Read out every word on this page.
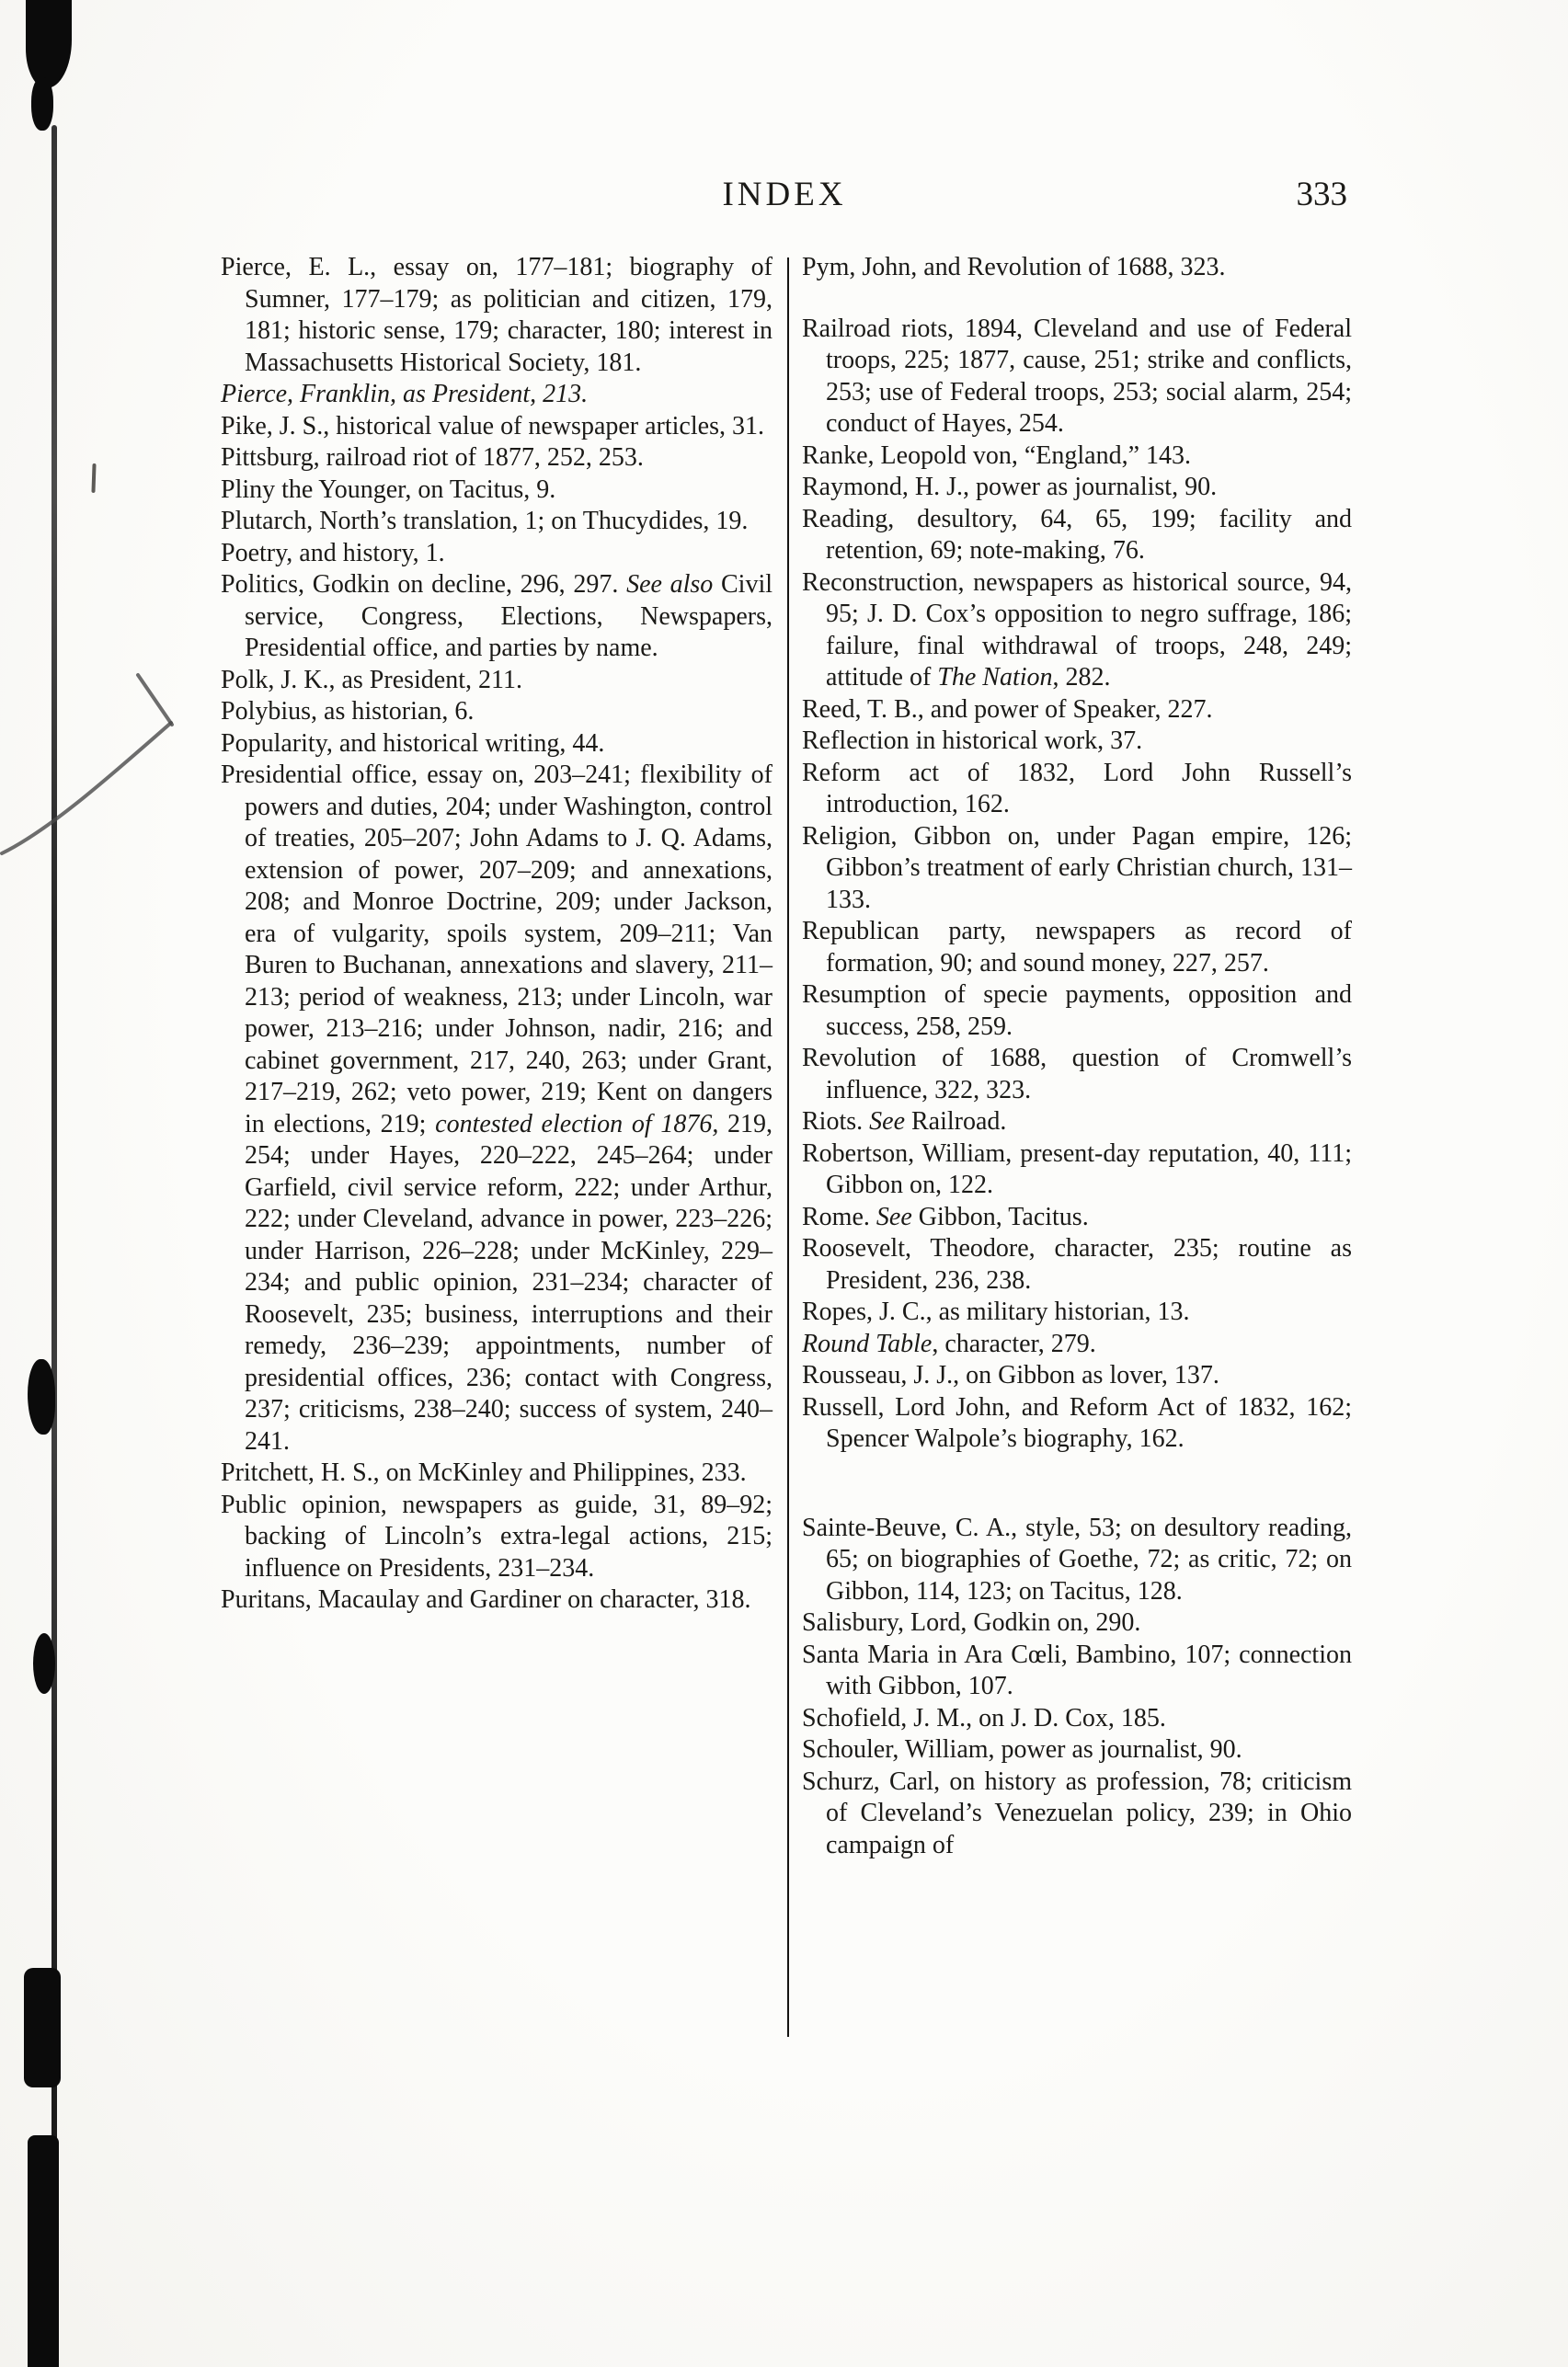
INDEX	333

Pierce, E. L., essay on, 177–181; biography of Sumner, 177–179; as politician and citizen, 179, 181; historic sense, 179; character, 180; interest in Massachusetts Historical Society, 181.

Pierce, Franklin, as President, 213.

Pike, J. S., historical value of newspaper articles, 31.

Pittsburg, railroad riot of 1877, 252, 253.

Pliny the Younger, on Tacitus, 9.

Plutarch, North’s translation, 1; on Thucydides, 19.

Poetry, and history, 1.

Politics, Godkin on decline, 296, 297. See also Civil service, Congress, Elections, Newspapers, Presidential office, and parties by name.

Polk, J. K., as President, 211.

Polybius, as historian, 6.

Popularity, and historical writing, 44.

Presidential office, essay on, 203–241; flexibility of powers and duties, 204; under Washington, control of treaties, 205–207; John Adams to J. Q. Adams, extension of power, 207–209; and annexations, 208; and Monroe Doctrine, 209; under Jackson, era of vulgarity, spoils system, 209–211; Van Buren to Buchanan, annexations and slavery, 211–213; period of weakness, 213; under Lincoln, war power, 213–216; under Johnson, nadir, 216; and cabinet government, 217, 240, 263; under Grant, 217–219, 262; veto power, 219; Kent on dangers in elections, 219; contested election of 1876, 219, 254; under Hayes, 220–222, 245–264; under Garfield, civil service reform, 222; under Arthur, 222; under Cleveland, advance in power, 223–226; under Harrison, 226–228; under McKinley, 229–234; and public opinion, 231–234; character of Roosevelt, 235; business, interruptions and their remedy, 236–239; appointments, number of presidential offices, 236; contact with Congress, 237; criticisms, 238–240; success of system, 240–241.

Pritchett, H. S., on McKinley and Philippines, 233.

Public opinion, newspapers as guide, 31, 89–92; backing of Lincoln’s extra-legal actions, 215; influence on Presidents, 231–234.

Puritans, Macaulay and Gardiner on character, 318.

Pym, John, and Revolution of 1688, 323.

Railroad riots, 1894, Cleveland and use of Federal troops, 225; 1877, cause, 251; strike and conflicts, 253; use of Federal troops, 253; social alarm, 254; conduct of Hayes, 254.

Ranke, Leopold von, “England,” 143.

Raymond, H. J., power as journalist, 90.

Reading, desultory, 64, 65, 199; facility and retention, 69; note-making, 76.

Reconstruction, newspapers as historical source, 94, 95; J. D. Cox’s opposition to negro suffrage, 186; failure, final withdrawal of troops, 248, 249; attitude of The Nation, 282.

Reed, T. B., and power of Speaker, 227.

Reflection in historical work, 37.

Reform act of 1832, Lord John Russell’s introduction, 162.

Religion, Gibbon on, under Pagan empire, 126; Gibbon’s treatment of early Christian church, 131–133.

Republican party, newspapers as record of formation, 90; and sound money, 227, 257.

Resumption of specie payments, opposition and success, 258, 259.

Revolution of 1688, question of Cromwell’s influence, 322, 323.

Riots. See Railroad.

Robertson, William, present-day reputation, 40, 111; Gibbon on, 122.

Rome. See Gibbon, Tacitus.

Roosevelt, Theodore, character, 235; routine as President, 236, 238.

Ropes, J. C., as military historian, 13.

Round Table, character, 279.

Rousseau, J. J., on Gibbon as lover, 137.

Russell, Lord John, and Reform Act of 1832, 162; Spencer Walpole’s biography, 162.

Sainte-Beuve, C. A., style, 53; on desultory reading, 65; on biographies of Goethe, 72; as critic, 72; on Gibbon, 114, 123; on Tacitus, 128.

Salisbury, Lord, Godkin on, 290.

Santa Maria in Ara Cœli, Bambino, 107; connection with Gibbon, 107.

Schofield, J. M., on J. D. Cox, 185.

Schouler, William, power as journalist, 90.

Schurz, Carl, on history as profession, 78; criticism of Cleveland’s Venezuelan policy, 239; in Ohio campaign of
